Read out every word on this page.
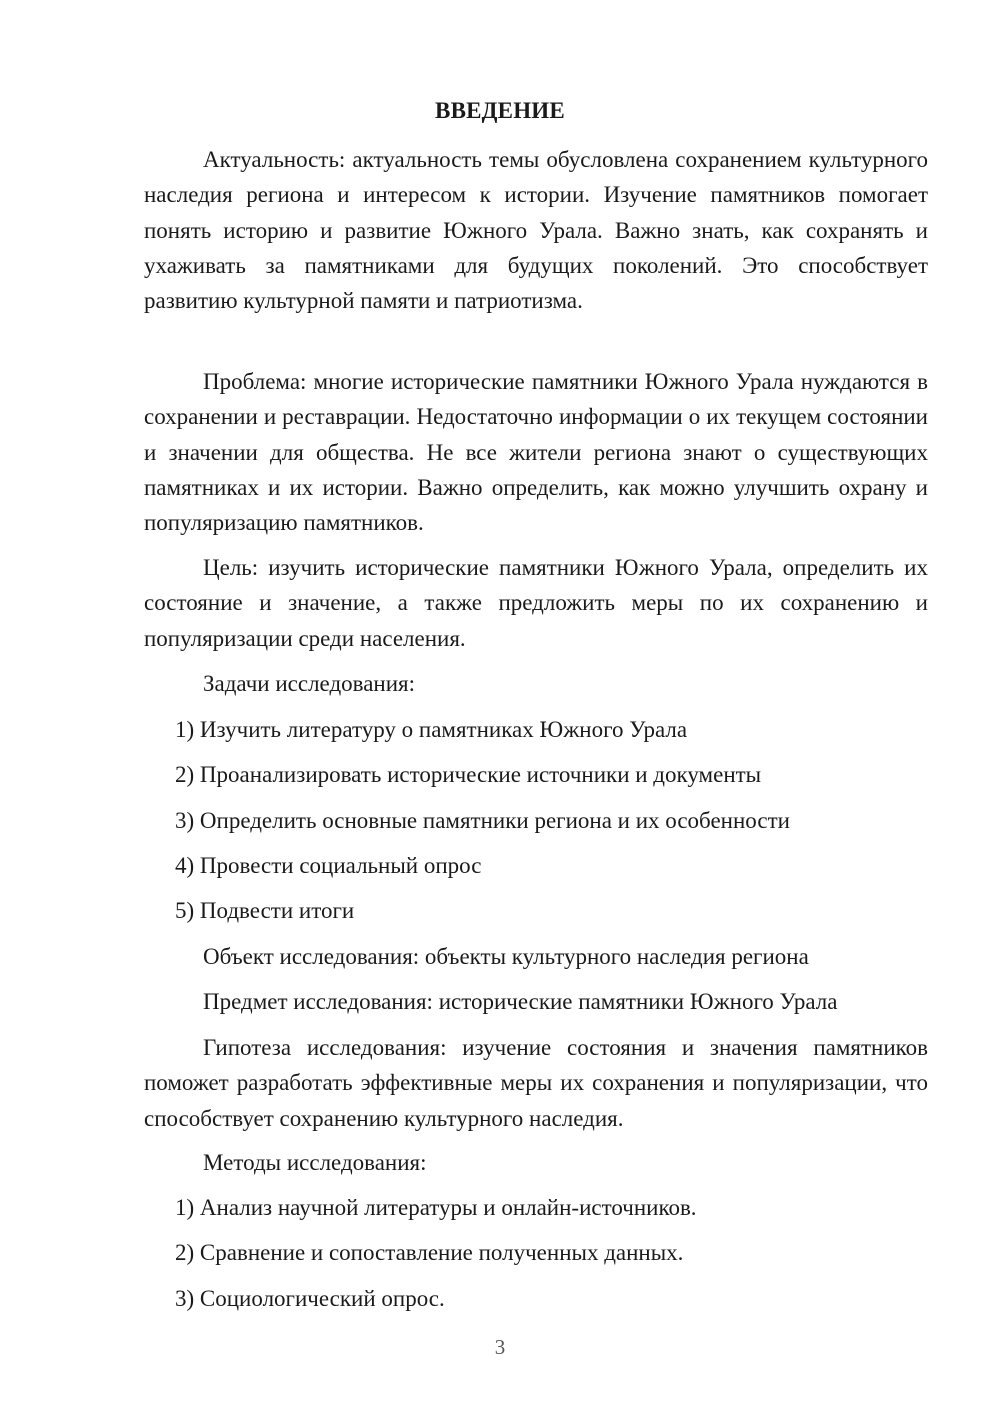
ВВЕДЕНИЕ

Актуальность: актуальность темы обусловлена сохранением культурного наследия региона и интересом к истории. Изучение памятников помогает понять историю и развитие Южного Урала. Важно знать, как сохранять и ухаживать за памятниками для будущих поколений. Это способствует развитию культурной памяти и патриотизма.

Проблема: многие исторические памятники Южного Урала нуждаются в сохранении и реставрации. Недостаточно информации о их текущем состоянии и значении для общества. Не все жители региона знают о существующих памятниках и их истории. Важно определить, как можно улучшить охрану и популяризацию памятников.

Цель: изучить исторические памятники Южного Урала, определить их состояние и значение, а также предложить меры по их сохранению и популяризации среди населения.

Задачи исследования:
1) Изучить литературу о памятниках Южного Урала
2) Проанализировать исторические источники и документы
3) Определить основные памятники региона и их особенности
4) Провести социальный опрос
5) Подвести итоги
Объект исследования: объекты культурного наследия региона
Предмет исследования: исторические памятники Южного Урала

Гипотеза исследования: изучение состояния и значения памятников поможет разработать эффективные меры их сохранения и популяризации, что способствует сохранению культурного наследия.

Методы исследования:
1) Анализ научной литературы и онлайн-источников.
2) Сравнение и сопоставление полученных данных.
3) Социологический опрос.
3
